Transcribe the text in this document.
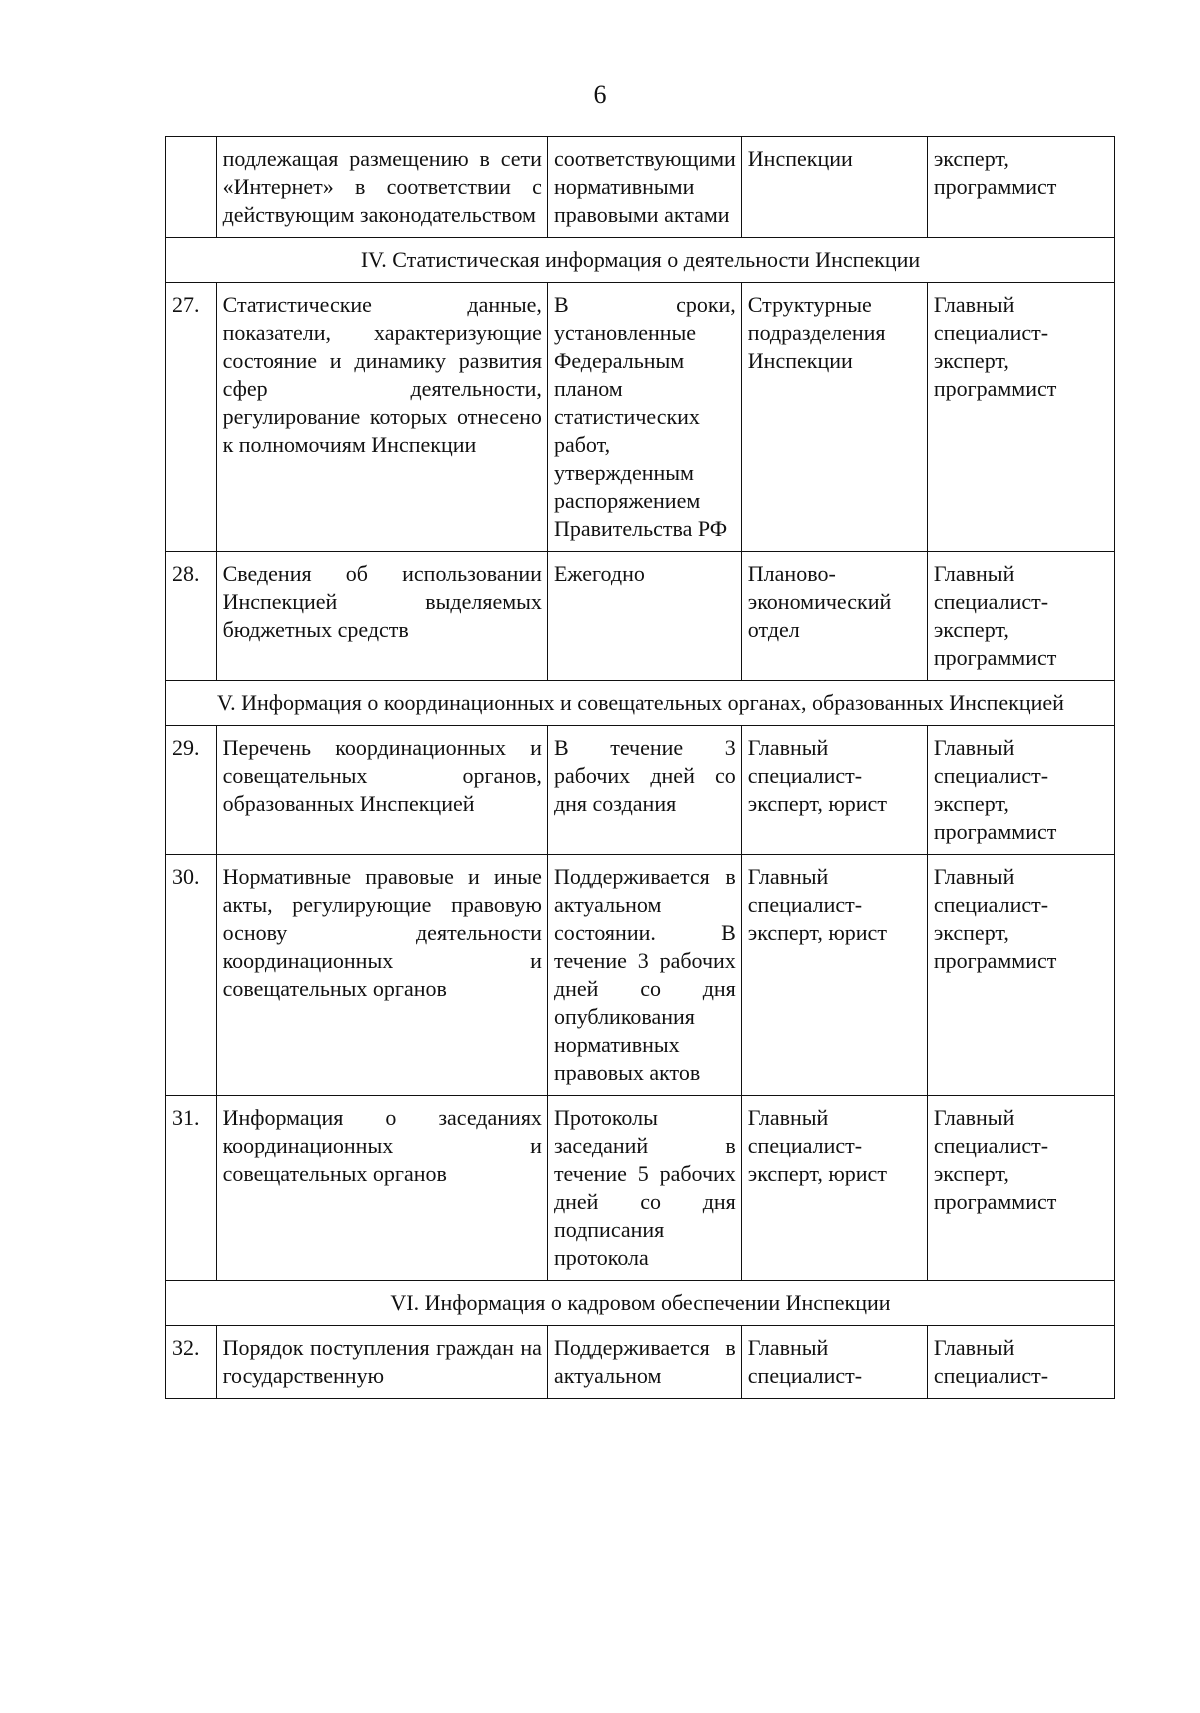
6
	подлежащая размещению в сети «Интернет» в соответствии с действующим законодательством	соответствующими нормативными правовыми актами	Инспекции	эксперт, программист
IV. Статистическая информация о деятельности Инспекции				
27.	Статистические данные, показатели, характеризующие состояние и динамику развития сфер деятельности, регулирование которых отнесено к полномочиям Инспекции	В сроки, установленные Федеральным планом статистических работ, утвержденным распоряжением Правительства РФ	Структурные подразделения Инспекции	Главный специалист-эксперт, программист
28.	Сведения об использовании Инспекцией выделяемых бюджетных средств	Ежегодно	Планово-экономический отдел	Главный специалист-эксперт, программист
V. Информация о координационных и совещательных органах, образованных Инспекцией				
29.	Перечень координационных и совещательных органов, образованных Инспекцией	В течение 3 рабочих дней со дня создания	Главный специалист-эксперт, юрист	Главный специалист-эксперт, программист
30.	Нормативные правовые и иные акты, регулирующие правовую основу деятельности координационных и совещательных органов	Поддерживается в актуальном состоянии. В течение 3 рабочих дней со дня опубликования нормативных правовых актов	Главный специалист-эксперт, юрист	Главный специалист-эксперт, программист
31.	Информация о заседаниях координационных и совещательных органов	Протоколы заседаний в течение 5 рабочих дней со дня подписания протокола	Главный специалист-эксперт, юрист	Главный специалист-эксперт, программист
VI. Информация о кадровом обеспечении Инспекции				
32.	Порядок поступления граждан на государственную	Поддерживается в актуальном	Главный специалист-	Главный специалист-
